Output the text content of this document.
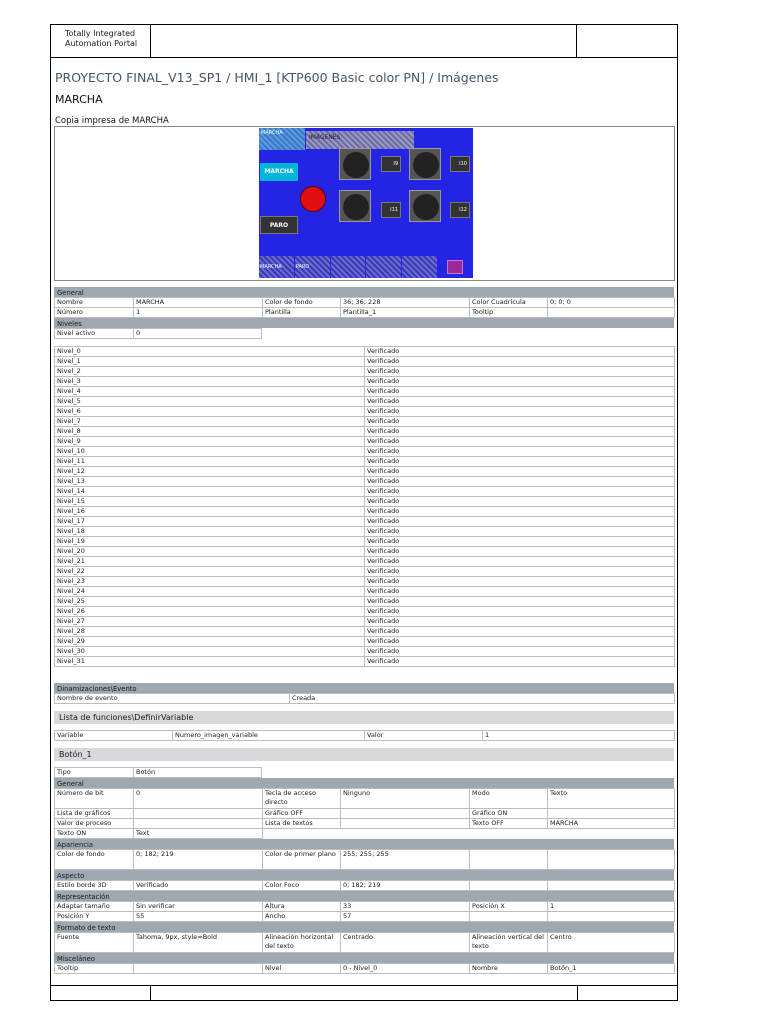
Totally Integrated
Automation Portal
PROYECTO FINAL_V13_SP1 / HMI_1 [KTP600 Basic color PN] / Imágenes
MARCHA
Copia impresa de MARCHA
MARCHA
IMÁGENES
MARCHA
PARO
I9	I10
I11	I12
MARCHA	PARO
General
Nombre	MARCHA	Color de fondo	36; 36; 228	Color Cuadrícula	0; 0; 0
Número	1	Plantilla	Plantilla_1	Tooltip	
Niveles
Nivel activo	0
Nivel_0	Verificado
Nivel_1	Verificado
Nivel_2	Verificado
Nivel_3	Verificado
Nivel_4	Verificado
Nivel_5	Verificado
Nivel_6	Verificado
Nivel_7	Verificado
Nivel_8	Verificado
Nivel_9	Verificado
Nivel_10	Verificado
Nivel_11	Verificado
Nivel_12	Verificado
Nivel_13	Verificado
Nivel_14	Verificado
Nivel_15	Verificado
Nivel_16	Verificado
Nivel_17	Verificado
Nivel_18	Verificado
Nivel_19	Verificado
Nivel_20	Verificado
Nivel_21	Verificado
Nivel_22	Verificado
Nivel_23	Verificado
Nivel_24	Verificado
Nivel_25	Verificado
Nivel_26	Verificado
Nivel_27	Verificado
Nivel_28	Verificado
Nivel_29	Verificado
Nivel_30	Verificado
Nivel_31	Verificado
Dinamizaciones\Evento
Nombre de evento	Creada
Lista de funciones\DefinirVariable
Variable	Numero_imagen_variable	Valor	1
Botón_1
Tipo	Botón
General
Número de bit	0	Tecla de acceso directo	Ninguno	Modo	Texto
Lista de gráficos		Gráfico OFF		Gráfico ON	
Valor de proceso		Lista de textos		Texto OFF	MARCHA
Texto ON	Text				
Apariencia
Color de fondo	0; 182; 219	Color de primer plano	255; 255; 255		
Aspecto
Estilo borde 3D	Verificado	Color Foco	0; 182; 219		
Representación
Adaptar tamaño	Sin verificar	Altura	33	Posición X	1
Posición Y	55	Ancho	57		
Formato de texto
Fuente	Tahoma, 9px, style=Bold	Alineación horizontal del texto	Centrado	Alineación vertical del texto	Centro
Misceláneo
Tooltip		Nivel	0 - Nivel_0	Nombre	Botón_1
